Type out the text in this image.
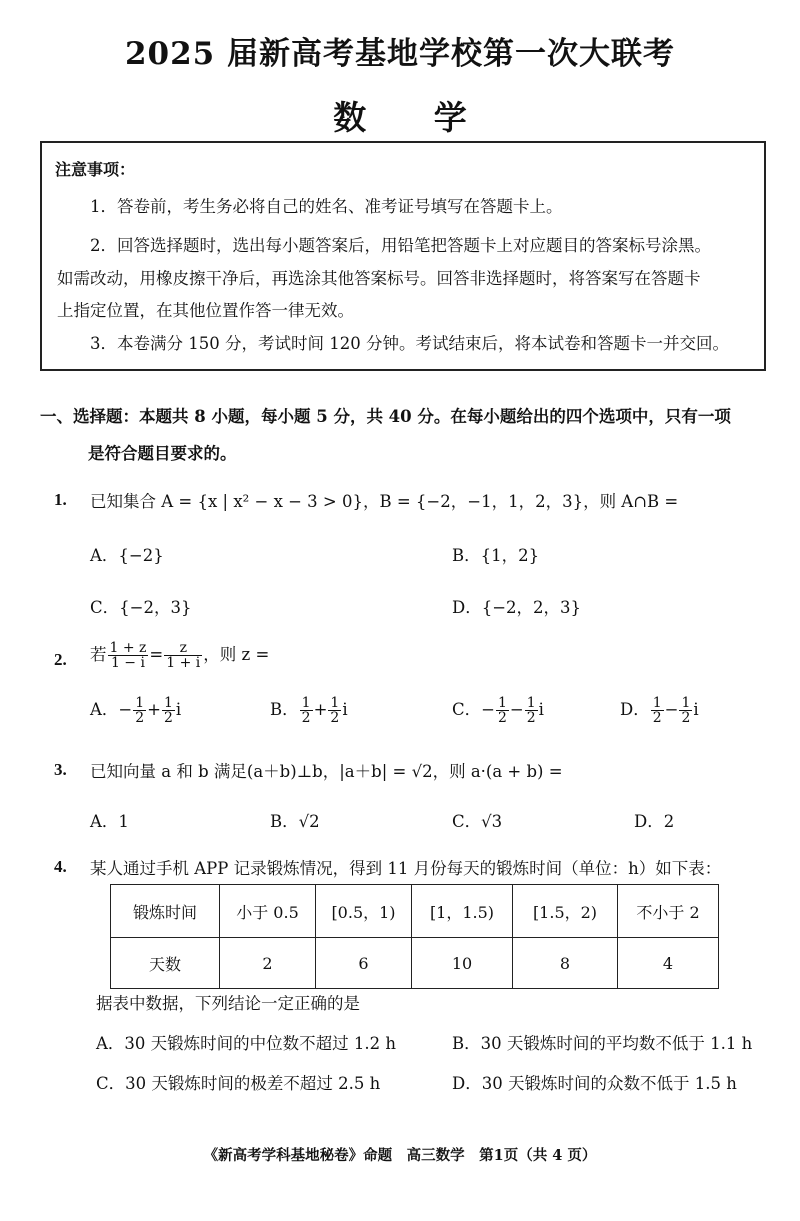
2025 届新高考基地学校第一次大联考
数 学
注意事项：
1．答卷前，考生务必将自己的姓名、准考证号填写在答题卡上。
2．回答选择题时，选出每小题答案后，用铅笔把答题卡上对应题目的答案标号涂黑。
如需改动，用橡皮擦干净后，再选涂其他答案标号。回答非选择题时，将答案写在答题卡
上指定位置，在其他位置作答一律无效。
3．本卷满分 150 分，考试时间 120 分钟。考试结束后，将本试卷和答题卡一并交回。
一、选择题：本题共 8 小题，每小题 5 分，共 40 分。在每小题给出的四个选项中，只有一项
是符合题目要求的。
1. 已知集合 A = {x | x² − x − 3 > 0}，B = {−2，−1，1，2，3}，则 A∩B =
A．{−2}	B．{1，2}
C．{−2，3}	D．{−2，2，3}
2. 若 $\frac{1 + z}{1 - i} = \frac{z}{1 + i}$ ，则 z =
A．− $\frac{1}{2} + \frac{1}{2}$ i	B． $\frac{1}{2} + \frac{1}{2}$ i	C．− $\frac{1}{2} - \frac{1}{2}$ i	D． $\frac{1}{2} - \frac{1}{2}$ i
3. 已知向量 a 和 b 满足(a＋b)⊥b，|a＋b| = √2，则 a·(a + b) =
A．1	B．√2	C．√3	D．2
4. 某人通过手机 APP 记录锻炼情况，得到 11 月份每天的锻炼时间（单位：h）如下表：
锻炼时间	小于 0.5	[0.5，1)	[1，1.5)	[1.5，2)	不小于 2
天数	2	6	10	8	4
据表中数据，下列结论一定正确的是
A．30 天锻炼时间的中位数不超过 1.2 h	B．30 天锻炼时间的平均数不低于 1.1 h
C．30 天锻炼时间的极差不超过 2.5 h	D．30 天锻炼时间的众数不低于 1.5 h
《新高考学科基地秘卷》命题　高三数学　第1页（共 4 页）
